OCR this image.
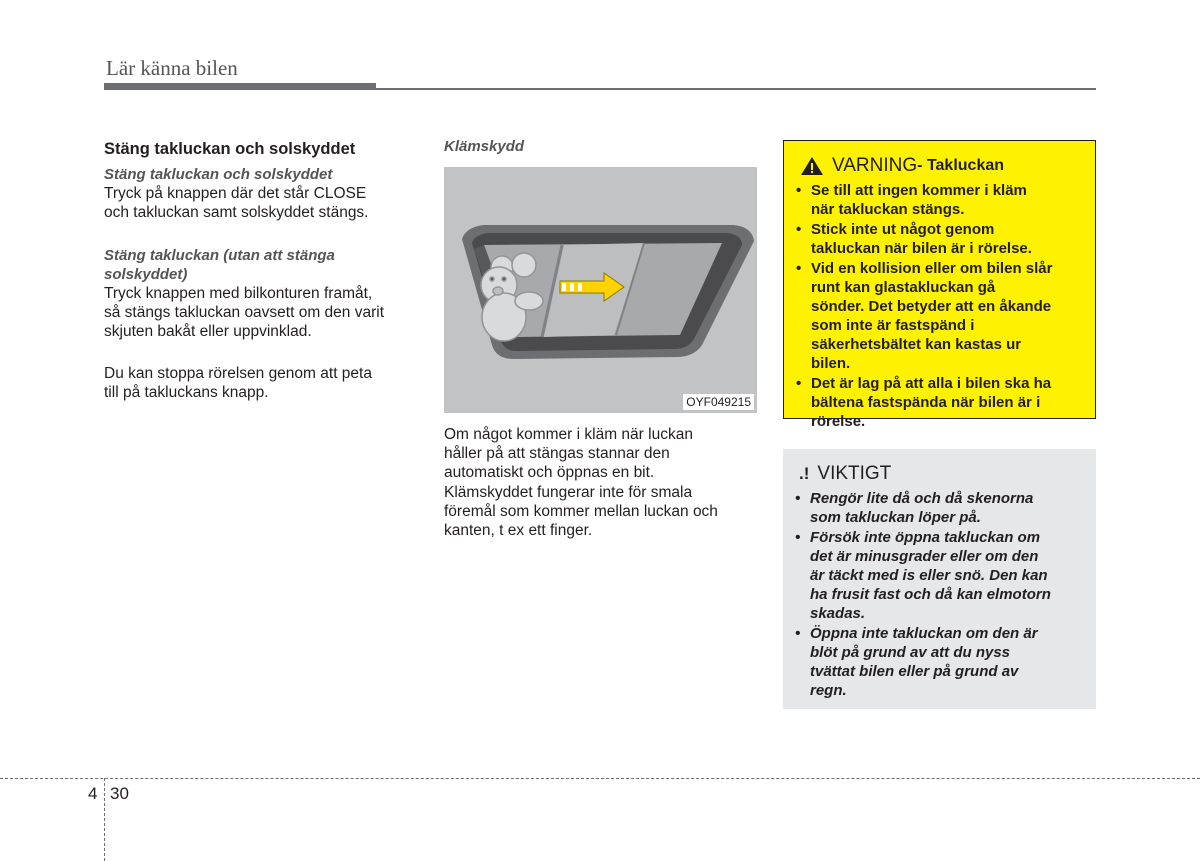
Lär känna bilen

Stäng takluckan och solskyddet

Stäng takluckan och solskyddet

Tryck på knappen där det står CLOSE
och takluckan samt solskyddet stängs.

Stäng takluckan (utan att stänga
solskyddet)

Tryck knappen med bilkonturen framåt,
så stängs takluckan oavsett om den varit
skjuten bakåt eller uppvinklad.

Du kan stoppa rörelsen genom att peta
till på takluckans knapp.

Klämskydd

OYF049215

Om något kommer i kläm när luckan
håller på att stängas stannar den
automatiskt och öppnas en bit.

Klämskyddet fungerar inte för smala
föremål som kommer mellan luckan och
kanten, t ex ett finger.

VARNING - Takluckan
• Se till att ingen kommer i kläm
när takluckan stängs.
• Stick inte ut något genom
takluckan när bilen är i rörelse.
• Vid en kollision eller om bilen slår
runt kan glastakluckan gå
sönder. Det betyder att en åkande
som inte är fastspänd i
säkerhetsbältet kan kastas ur
bilen.
• Det är lag på att alla i bilen ska ha
bältena fastspända när bilen är i
rörelse.
.! VIKTIGT
• Rengör lite då och då skenorna
som takluckan löper på.
• Försök inte öppna takluckan om
det är minusgrader eller om den
är täckt med is eller snö. Den kan
ha frusit fast och då kan elmotorn
skadas.
• Öppna inte takluckan om den är
blöt på grund av att du nyss
tvättat bilen eller på grund av
regn.
4 30
